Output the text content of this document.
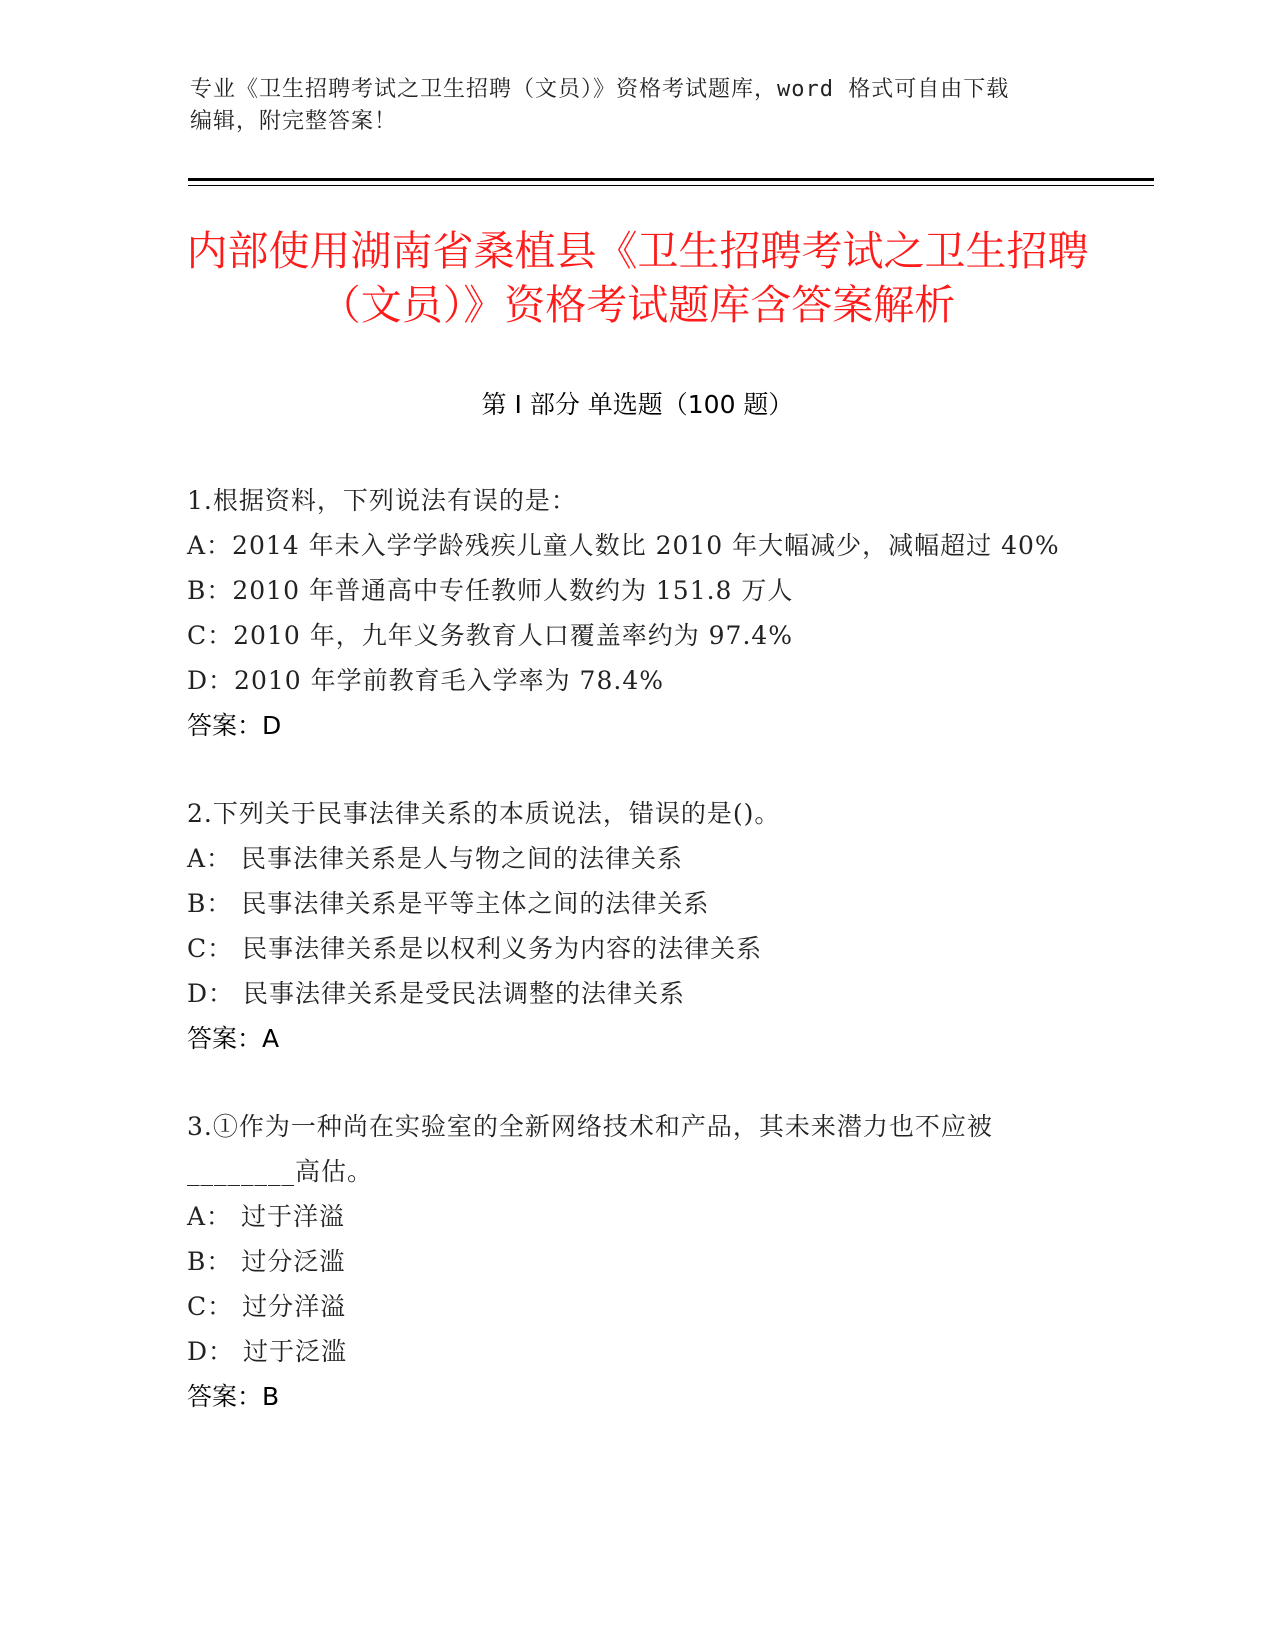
专业《卫生招聘考试之卫生招聘（文员）》资格考试题库，word 格式可自由下载
编辑，附完整答案！
内部使用湖南省桑植县《卫生招聘考试之卫生招聘（文员）》资格考试题库含答案解析
第 I 部分 单选题（100 题）
1.根据资料，下列说法有误的是：
A：2014 年未入学学龄残疾儿童人数比 2010 年大幅减少，减幅超过 40%
B：2010 年普通高中专任教师人数约为 151.8 万人
C：2010 年，九年义务教育人口覆盖率约为 97.4%
D：2010 年学前教育毛入学率为 78.4%
答案：D
2.下列关于民事法律关系的本质说法，错误的是()。
A： 民事法律关系是人与物之间的法律关系
B： 民事法律关系是平等主体之间的法律关系
C： 民事法律关系是以权利义务为内容的法律关系
D： 民事法律关系是受民法调整的法律关系
答案：A
3.①作为一种尚在实验室的全新网络技术和产品，其未来潜力也不应被________高估。
A： 过于洋溢
B： 过分泛滥
C： 过分洋溢
D： 过于泛滥
答案：B
